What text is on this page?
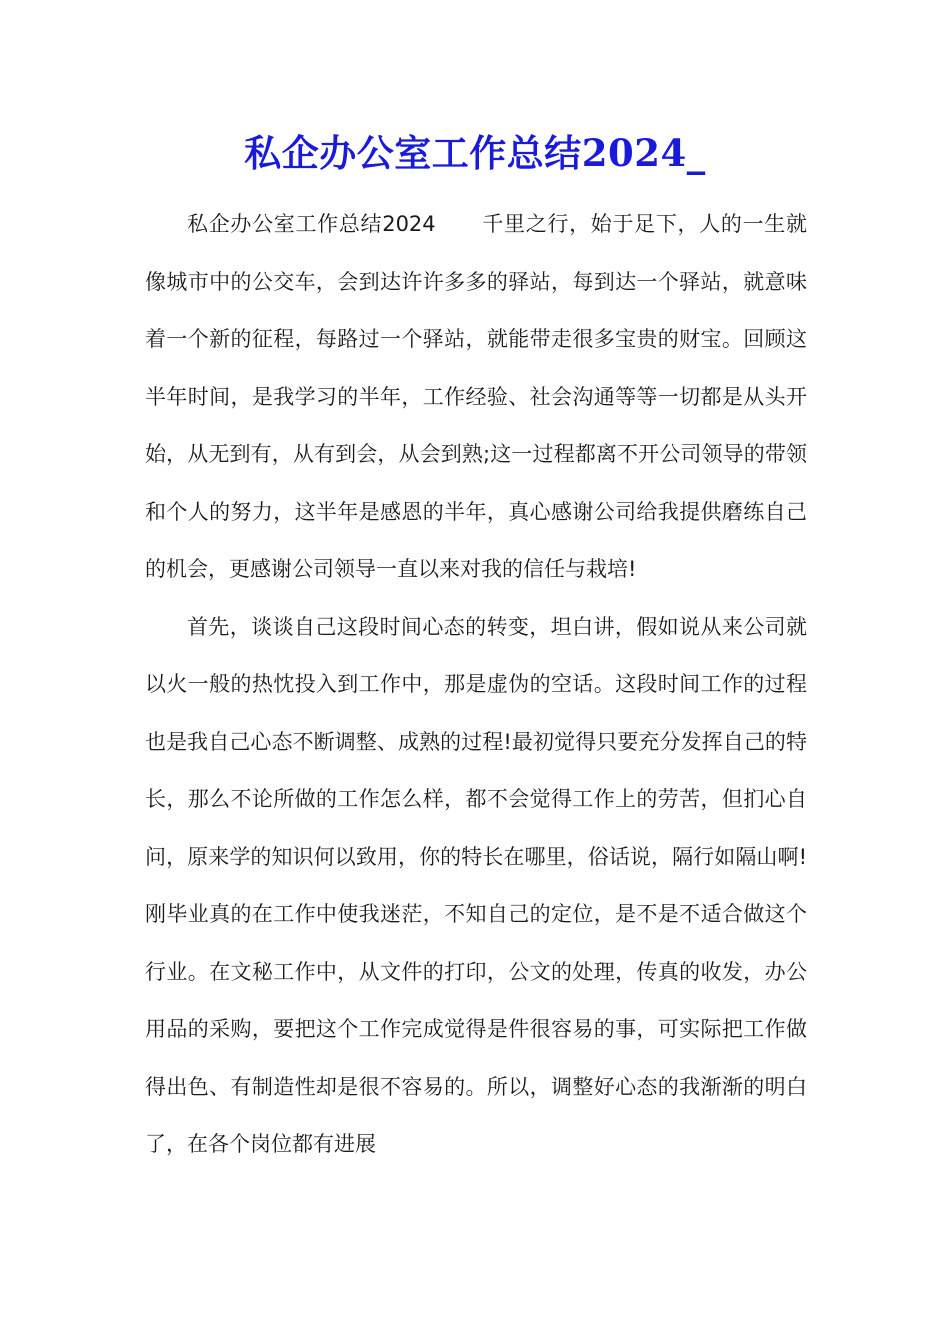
私企办公室工作总结2024_

私企办公室工作总结2024 千里之行，始于足下，人的一生就像城市中的公交车，会到达许许多多的驿站，每到达一个驿站，就意味着一个新的征程，每路过一个驿站，就能带走很多宝贵的财宝。回顾这半年时间，是我学习的半年，工作经验、社会沟通等等一切都是从头开始，从无到有，从有到会，从会到熟;这一过程都离不开公司领导的带领和个人的努力，这半年是感恩的半年，真心感谢公司给我提供磨练自己的机会，更感谢公司领导一直以来对我的信任与栽培!

首先，谈谈自己这段时间心态的转变，坦白讲，假如说从来公司就以火一般的热忱投入到工作中，那是虚伪的空话。这段时间工作的过程也是我自己心态不断调整、成熟的过程!最初觉得只要充分发挥自己的特长，那么不论所做的工作怎么样，都不会觉得工作上的劳苦，但扪心自问，原来学的知识何以致用，你的特长在哪里，俗话说，隔行如隔山啊!刚毕业真的在工作中使我迷茫，不知自己的定位，是不是不适合做这个行业。在文秘工作中，从文件的打印，公文的处理，传真的收发，办公用品的采购，要把这个工作完成觉得是件很容易的事，可实际把工作做得出色、有制造性却是很不容易的。所以，调整好心态的我渐渐的明白了，在各个岗位都有进展
